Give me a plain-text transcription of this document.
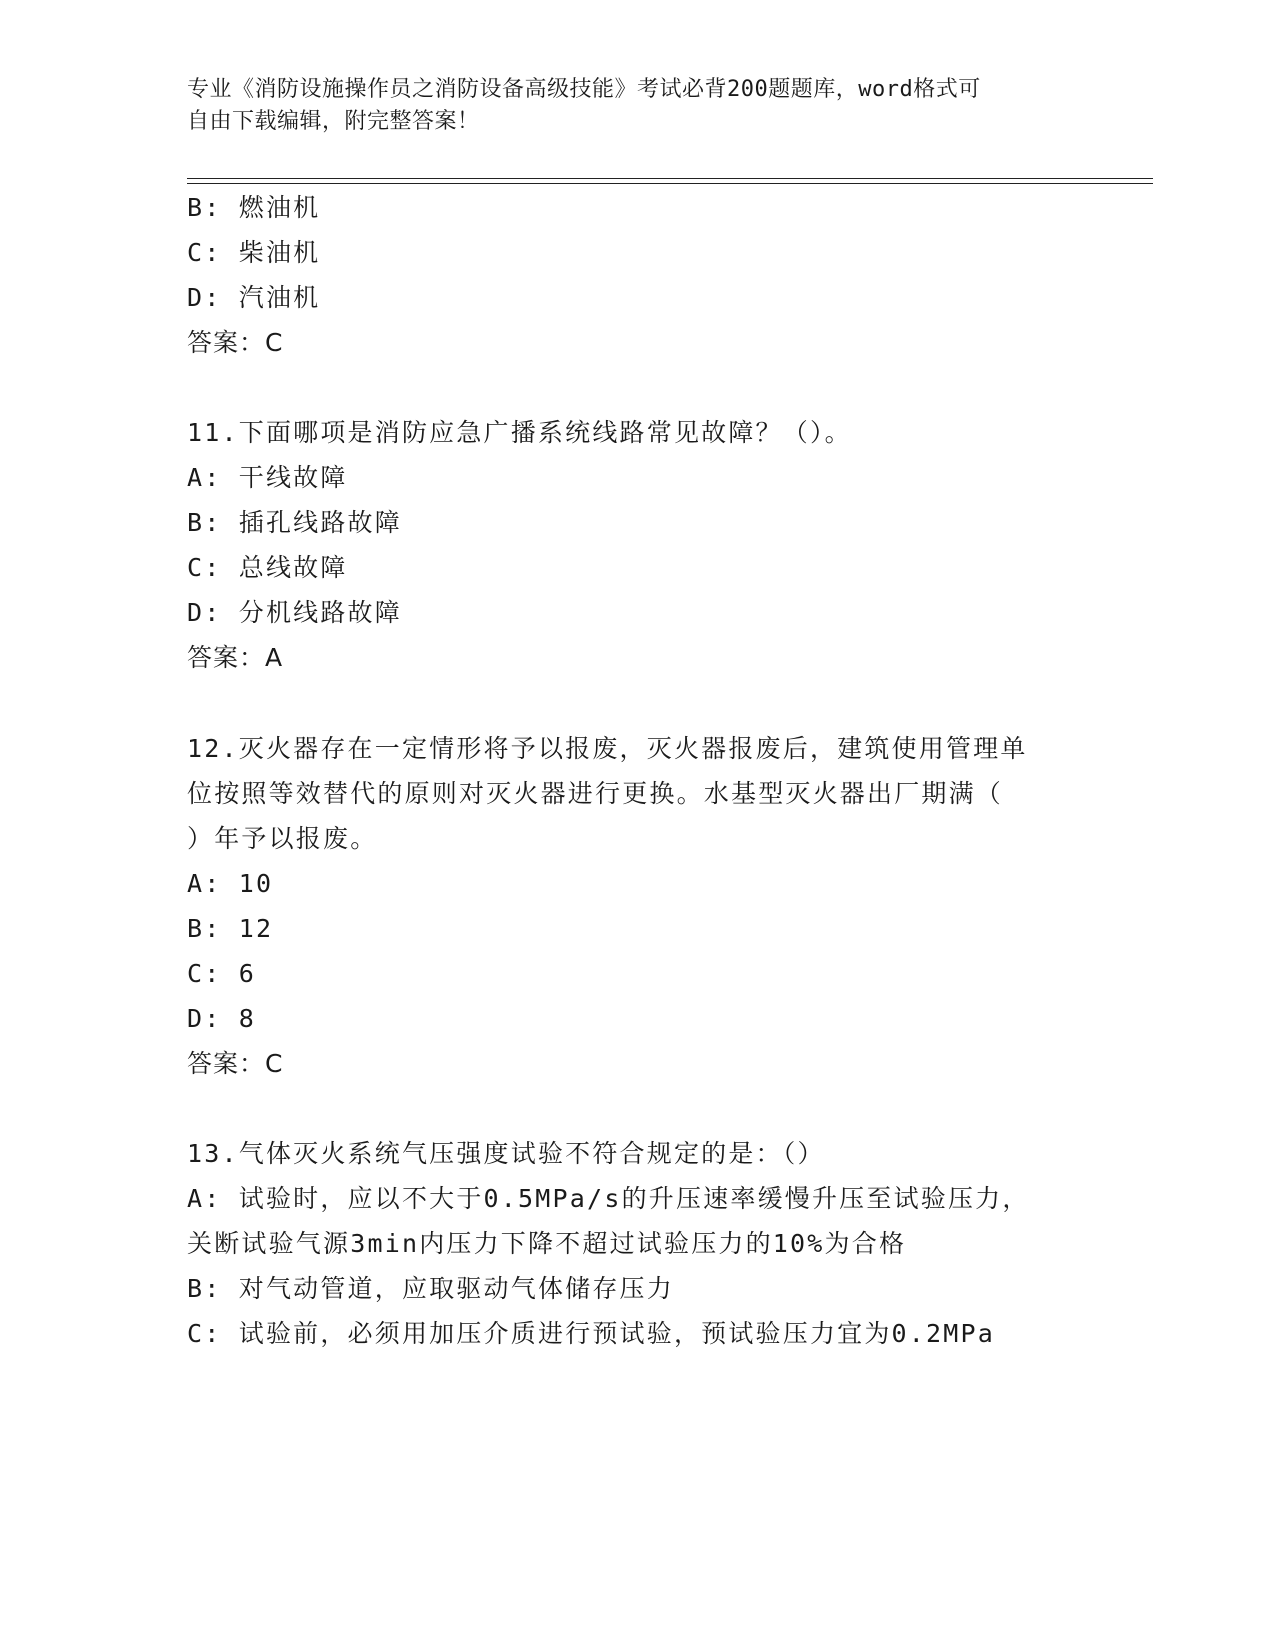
专业《消防设施操作员之消防设备高级技能》考试必背200题题库，word格式可
自由下载编辑，附完整答案！
B: 燃油机
C: 柴油机
D: 汽油机
答案：C
11.下面哪项是消防应急广播系统线路常见故障？（）。
A: 干线故障
B: 插孔线路故障
C: 总线故障
D: 分机线路故障
答案：A
12.灭火器存在一定情形将予以报废，灭火器报废后，建筑使用管理单
位按照等效替代的原则对灭火器进行更换。水基型灭火器出厂期满（
）年予以报废。
A: 10
B: 12
C: 6
D: 8
答案：C
13.气体灭火系统气压强度试验不符合规定的是：（）
A: 试验时，应以不大于0.5MPa/s的升压速率缓慢升压至试验压力，
关断试验气源3min内压力下降不超过试验压力的10%为合格
B: 对气动管道，应取驱动气体储存压力
C: 试验前，必须用加压介质进行预试验，预试验压力宜为0.2MPa
